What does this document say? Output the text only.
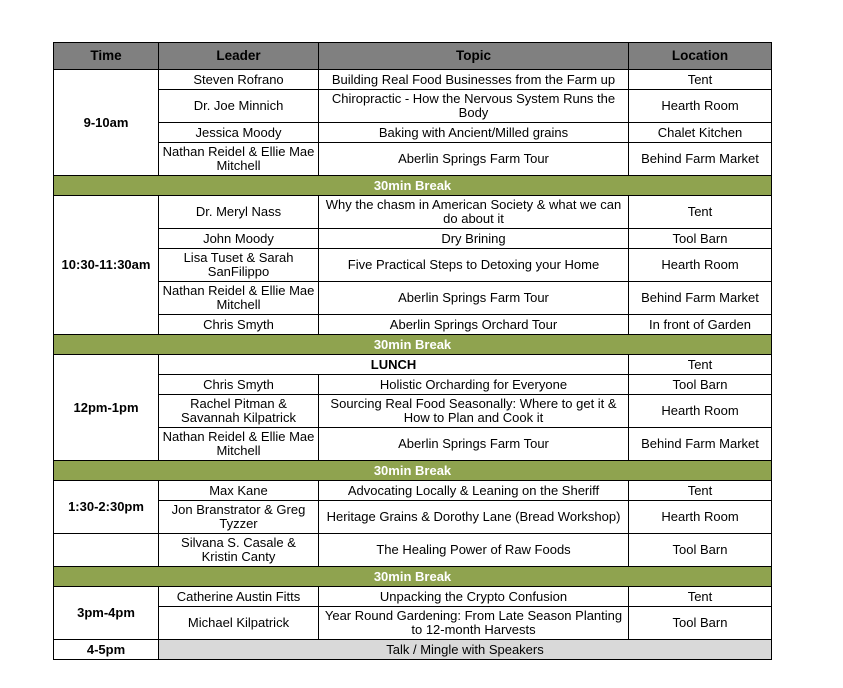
Time	Leader	Topic	Location
9-10am	Steven Rofrano	Building Real Food Businesses from the Farm up	Tent
	Dr. Joe Minnich	Chiropractic - How the Nervous System Runs the Body	Hearth Room
	Jessica Moody	Baking with Ancient/Milled grains	Chalet Kitchen
	Nathan Reidel & Ellie Mae Mitchell	Aberlin Springs Farm Tour	Behind Farm Market
30min Break			
10:30-11:30am	Dr. Meryl Nass	Why the chasm in American Society & what we can do about it	Tent
	John Moody	Dry Brining	Tool Barn
	Lisa Tuset & Sarah SanFilippo	Five Practical Steps to Detoxing your Home	Hearth Room
	Nathan Reidel & Ellie Mae Mitchell	Aberlin Springs Farm Tour	Behind Farm Market
	Chris Smyth	Aberlin Springs Orchard Tour	In front of Garden
30min Break			
12pm-1pm	LUNCH		Tent
	Chris Smyth	Holistic Orcharding for Everyone	Tool Barn
	Rachel Pitman & Savannah Kilpatrick	Sourcing Real Food Seasonally: Where to get it & How to Plan and Cook it	Hearth Room
	Nathan Reidel & Ellie Mae Mitchell	Aberlin Springs Farm Tour	Behind Farm Market
30min Break			
1:30-2:30pm	Max Kane	Advocating Locally & Leaning on the Sheriff	Tent
	Jon Branstrator & Greg Tyzzer	Heritage Grains & Dorothy Lane (Bread Workshop)	Hearth Room
	Silvana S. Casale & Kristin Canty	The Healing Power of Raw Foods	Tool Barn
30min Break			
3pm-4pm	Catherine Austin Fitts	Unpacking the Crypto Confusion	Tent
	Michael Kilpatrick	Year Round Gardening: From Late Season Planting to 12-month Harvests	Tool Barn
4-5pm	Talk / Mingle with Speakers		
